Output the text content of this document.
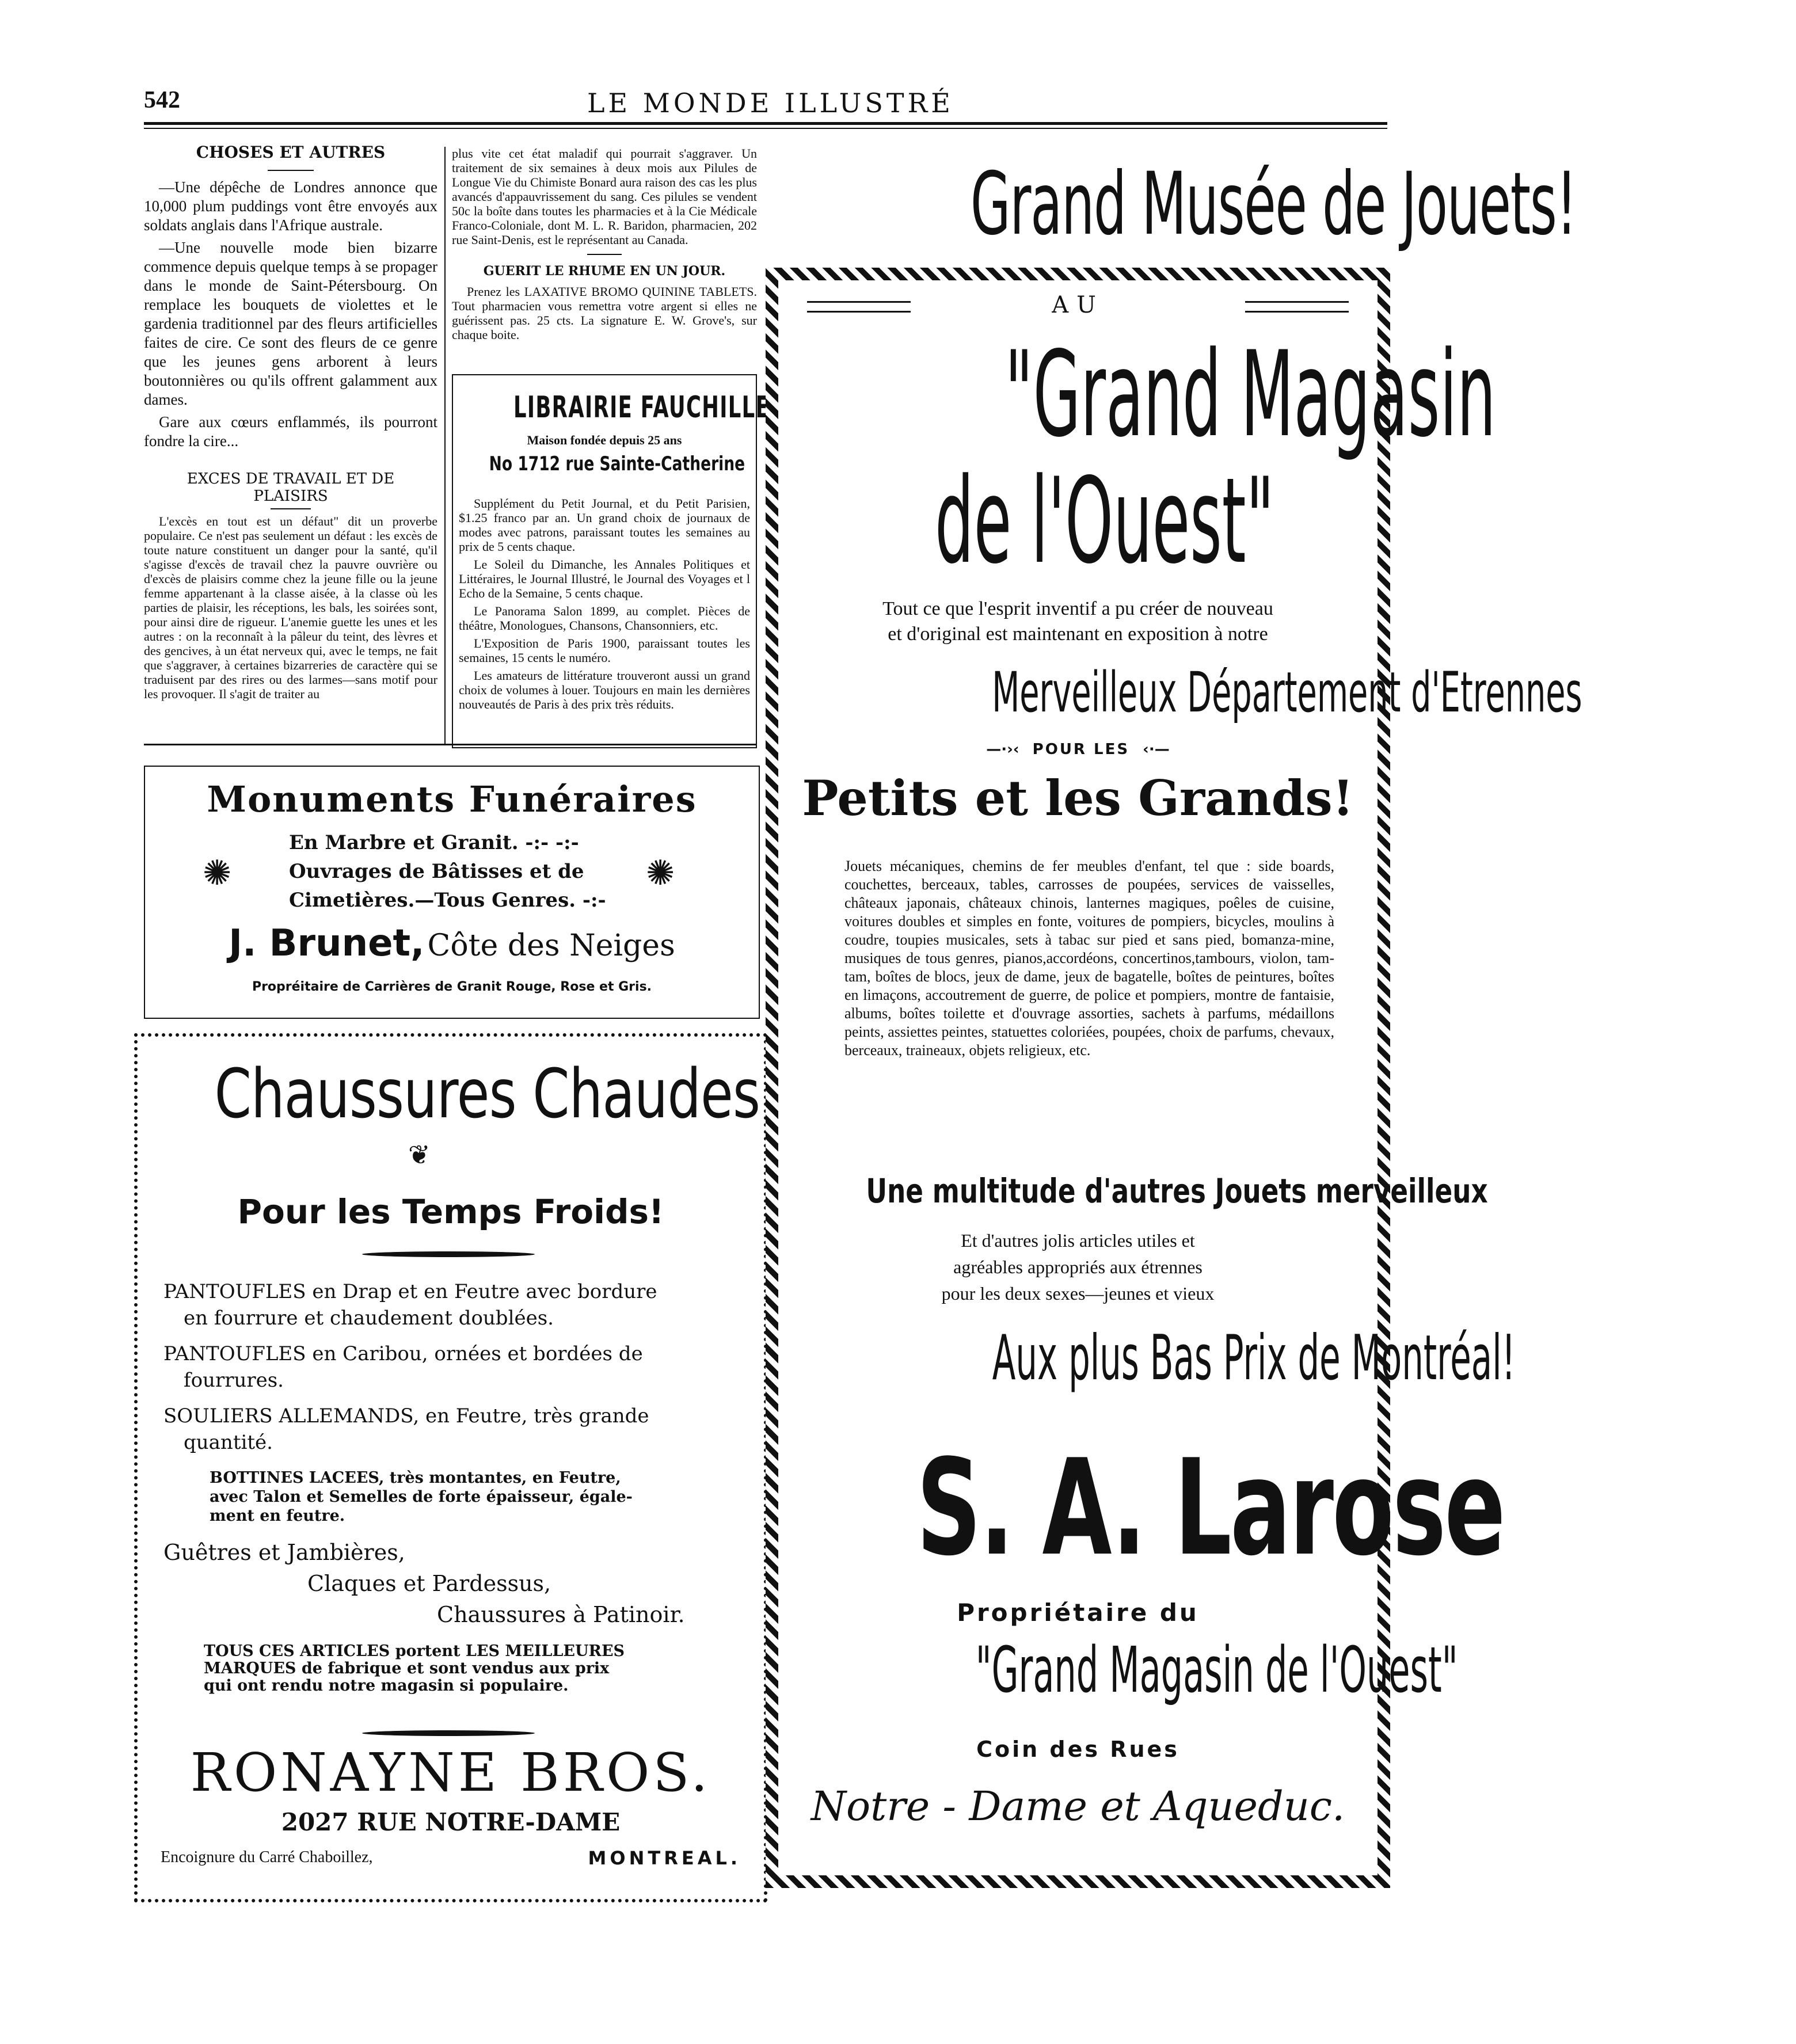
542	LE MONDE ILLUSTRÉ
CHOSES ET AUTRES

—Une dépêche de Londres annonce que 10,000 plum puddings vont être envoyés aux soldats anglais dans l'Afrique australe.

—Une nouvelle mode bien bizarre commence depuis quelque temps à se propager dans le monde de Saint-Pétersbourg. On remplace les bouquets de violettes et le gardenia traditionnel par des fleurs artificielles faites de cire. Ce sont des fleurs de ce genre que les jeunes gens arborent à leurs boutonnières ou qu'ils offrent galamment aux dames.

Gare aux cœurs enflammés, ils pourront fondre la cire...

EXCES DE TRAVAIL ET DE PLAISIRS

L'excès en tout est un défaut" dit un proverbe populaire. Ce n'est pas seulement un défaut : les excès de toute nature constituent un danger pour la santé, qu'il s'agisse d'excès de travail chez la pauvre ouvrière ou d'excès de plaisirs comme chez la jeune fille ou la jeune femme appartenant à la classe aisée, à la classe où les parties de plaisir, les réceptions, les bals, les soirées sont, pour ainsi dire de rigueur. L'anemie guette les unes et les autres : on la reconnaît à la pâleur du teint, des lèvres et des gencives, à un état nerveux qui, avec le temps, ne fait que s'aggraver, à certaines bizarreries de caractère qui se traduisent par des rires ou des larmes—sans motif pour les provoquer. Il s'agit de traiter au

plus vite cet état maladif qui pourrait s'aggraver. Un traitement de six semaines à deux mois aux Pilules de Longue Vie du Chimiste Bonard aura raison des cas les plus avancés d'appauvrissement du sang. Ces pilules se vendent 50c la boîte dans toutes les pharmacies et à la Cie Médicale Franco-Coloniale, dont M. L. R. Baridon, pharmacien, 202 rue Saint-Denis, est le représentant au Canada.

GUERIT LE RHUME EN UN JOUR.

Prenez les LAXATIVE BROMO QUININE TABLETS. Tout pharmacien vous remettra votre argent si elles ne guérissent pas. 25 cts. La signature E. W. Grove's, sur chaque boite.

LIBRAIRIE FAUCHILLE
Maison fondée depuis 25 ans
No 1712 rue Sainte-Catherine

Supplément du Petit Journal, et du Petit Parisien, $1.25 franco par an. Un grand choix de journaux de modes avec patrons, paraissant toutes les semaines au prix de 5 cents chaque.

Le Soleil du Dimanche, les Annales Politiques et Littéraires, le Journal Illustré, le Journal des Voyages et l Echo de la Semaine, 5 cents chaque.

Le Panorama Salon 1899, au complet. Pièces de théâtre, Monologues, Chansons, Chansonniers, etc.

L'Exposition de Paris 1900, paraissant toutes les semaines, 15 cents le numéro.

Les amateurs de littérature trouveront aussi un grand choix de volumes à louer. Toujours en main les dernières nouveautés de Paris à des prix très réduits.

Monuments Funéraires
✺	✺
En Marbre et Granit. -:- -:-
Ouvrages de Bâtisses et de
Cimetières.—Tous Genres. -:-
J. Brunet, Côte des Neiges
Propréitaire de Carrières de Granit Rouge, Rose et Gris.
Chaussures Chaudes
❦
Pour les Temps Froids!
PANTOUFLES en Drap et en Feutre avec bordure
en fourrure et chaudement doublées.
PANTOUFLES en Caribou, ornées et bordées de
fourrures.
SOULIERS ALLEMANDS, en Feutre, très grande
quantité.
BOTTINES LACEES, très montantes, en Feutre,
avec Talon et Semelles de forte épaisseur, égale-
ment en feutre.
Guêtres et Jambières,
Claques et Pardessus,
Chaussures à Patinoir.
TOUS CES ARTICLES portent LES MEILLEURES
MARQUES de fabrique et sont vendus aux prix
qui ont rendu notre magasin si populaire.
RONAYNE BROS.
2027 RUE NOTRE-DAME
Encoignure du Carré Chaboillez,	MONTREAL.
Grand Musée de Jouets!
AU
"Grand Magasin
de l'Ouest"
Tout ce que l'esprit inventif a pu créer de nouveau
et d'original est maintenant en exposition à notre
Merveilleux Département d'Etrennes
—·›‹ POUR LES ‹·—
Petits et les Grands!
Jouets mécaniques, chemins de fer meubles d'enfant, tel que : side boards, couchettes, berceaux, tables, carrosses de poupées, services de vaisselles, châteaux japonais, châteaux chinois, lanternes magiques, poêles de cuisine, voitures doubles et simples en fonte, voitures de pompiers, bicycles, moulins à coudre, toupies musicales, sets à tabac sur pied et sans pied, bomanza-mine, musiques de tous genres, pianos,accordéons, concertinos,tambours, violon, tam-tam, boîtes de blocs, jeux de dame, jeux de bagatelle, boîtes de peintures, boîtes en limaçons, accoutrement de guerre, de police et pompiers, montre de fantaisie, albums, boîtes toilette et d'ouvrage assorties, sachets à parfums, médaillons peints, assiettes peintes, statuettes coloriées, poupées, choix de parfums, chevaux, berceaux, traineaux, objets religieux, etc.
Une multitude d'autres Jouets merveilleux
Et d'autres jolis articles utiles et
agréables appropriés aux étrennes
pour les deux sexes—jeunes et vieux
Aux plus Bas Prix de Montréal!
S. A. Larose
Propriétaire du
"Grand Magasin de l'Ouest"
Coin des Rues
Notre - Dame et Aqueduc.
